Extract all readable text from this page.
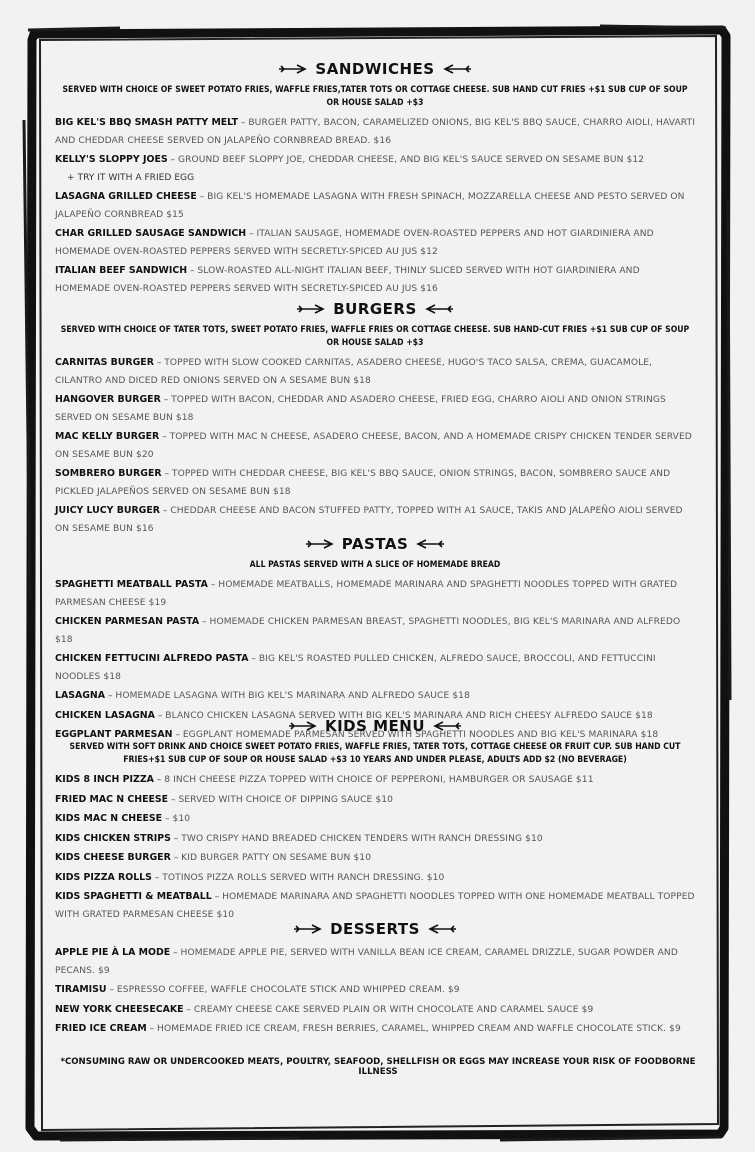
SANDWICHES
SERVED WITH CHOICE OF SWEET POTATO FRIES, WAFFLE FRIES,TATER TOTS OR COTTAGE CHEESE. SUB HAND CUT FRIES +$1 SUB CUP OF SOUP OR HOUSE SALAD +$3
BIG KEL'S BBQ SMASH PATTY MELT – BURGER PATTY, BACON, CARAMELIZED ONIONS, BIG KEL'S BBQ SAUCE, CHARRO AIOLI, HAVARTI AND CHEDDAR CHEESE SERVED ON JALAPEÑO CORNBREAD BREAD. $16
KELLY'S SLOPPY JOES – GROUND BEEF SLOPPY JOE, CHEDDAR CHEESE, AND BIG KEL'S SAUCE SERVED ON SESAME BUN $12
+ TRY IT WITH A FRIED EGG
LASAGNA GRILLED CHEESE – BIG KEL'S HOMEMADE LASAGNA WITH FRESH SPINACH, MOZZARELLA CHEESE AND PESTO SERVED ON JALAPEÑO CORNBREAD $15
CHAR GRILLED SAUSAGE SANDWICH – ITALIAN SAUSAGE, HOMEMADE OVEN-ROASTED PEPPERS AND HOT GIARDINIERA AND HOMEMADE OVEN-ROASTED PEPPERS SERVED WITH SECRETLY-SPICED AU JUS $12
ITALIAN BEEF SANDWICH – SLOW-ROASTED ALL-NIGHT ITALIAN BEEF, THINLY SLICED SERVED WITH HOT GIARDINIERA AND HOMEMADE OVEN-ROASTED PEPPERS SERVED WITH SECRETLY-SPICED AU JUS $16
BURGERS
SERVED WITH CHOICE OF TATER TOTS, SWEET POTATO FRIES, WAFFLE FRIES OR COTTAGE CHEESE. SUB HAND-CUT FRIES +$1 SUB CUP OF SOUP OR HOUSE SALAD +$3
CARNITAS BURGER – TOPPED WITH SLOW COOKED CARNITAS, ASADERO CHEESE, HUGO'S TACO SALSA, CREMA, GUACAMOLE, CILANTRO AND DICED RED ONIONS SERVED ON A SESAME BUN $18
HANGOVER BURGER – TOPPED WITH BACON, CHEDDAR AND ASADERO CHEESE, FRIED EGG, CHARRO AIOLI AND ONION STRINGS SERVED ON SESAME BUN $18
MAC KELLY BURGER – TOPPED WITH MAC N CHEESE, ASADERO CHEESE, BACON, AND A HOMEMADE CRISPY CHICKEN TENDER SERVED ON SESAME BUN $20
SOMBRERO BURGER – TOPPED WITH CHEDDAR CHEESE, BIG KEL'S BBQ SAUCE, ONION STRINGS, BACON, SOMBRERO SAUCE AND PICKLED JALAPEÑOS SERVED ON SESAME BUN $18
JUICY LUCY BURGER – CHEDDAR CHEESE AND BACON STUFFED PATTY, TOPPED WITH A1 SAUCE, TAKIS AND JALAPEÑO AIOLI SERVED ON SESAME BUN $16
PASTAS
ALL PASTAS SERVED WITH A SLICE OF HOMEMADE BREAD
SPAGHETTI MEATBALL PASTA – HOMEMADE MEATBALLS, HOMEMADE MARINARA AND SPAGHETTI NOODLES TOPPED WITH GRATED PARMESAN CHEESE $19
CHICKEN PARMESAN PASTA – HOMEMADE CHICKEN PARMESAN BREAST, SPAGHETTI NOODLES, BIG KEL'S MARINARA AND ALFREDO $18
CHICKEN FETTUCINI ALFREDO PASTA – BIG KEL'S ROASTED PULLED CHICKEN, ALFREDO SAUCE, BROCCOLI, AND FETTUCCINI NOODLES $18
LASAGNA – HOMEMADE LASAGNA WITH BIG KEL'S MARINARA AND ALFREDO SAUCE $18
CHICKEN LASAGNA – BLANCO CHICKEN LASAGNA SERVED WITH BIG KEL'S MARINARA AND RICH CHEESY ALFREDO SAUCE $18
EGGPLANT PARMESAN – EGGPLANT HOMEMADE PARMESAN SERVED WITH SPAGHETTI NOODLES AND BIG KEL'S MARINARA $18
KIDS MENU
SERVED WITH SOFT DRINK AND CHOICE SWEET POTATO FRIES, WAFFLE FRIES, TATER TOTS, COTTAGE CHEESE OR FRUIT CUP. SUB HAND CUT FRIES+$1 SUB CUP OF SOUP OR HOUSE SALAD +$3 10 YEARS AND UNDER PLEASE, ADULTS ADD $2 (NO BEVERAGE)
KIDS 8 INCH PIZZA – 8 INCH CHEESE PIZZA TOPPED WITH CHOICE OF PEPPERONI, HAMBURGER OR SAUSAGE $11
FRIED MAC N CHEESE – SERVED WITH CHOICE OF DIPPING SAUCE $10
KIDS MAC N CHEESE – $10
KIDS CHICKEN STRIPS – TWO CRISPY HAND BREADED CHICKEN TENDERS WITH RANCH DRESSING $10
KIDS CHEESE BURGER – KID BURGER PATTY ON SESAME BUN $10
KIDS PIZZA ROLLS – TOTINOS PIZZA ROLLS SERVED WITH RANCH DRESSING. $10
KIDS SPAGHETTI & MEATBALL – HOMEMADE MARINARA AND SPAGHETTI NOODLES TOPPED WITH ONE HOMEMADE MEATBALL TOPPED WITH GRATED PARMESAN CHEESE $10
DESSERTS
APPLE PIE À LA MODE – HOMEMADE APPLE PIE, SERVED WITH VANILLA BEAN ICE CREAM, CARAMEL DRIZZLE, SUGAR POWDER AND PECANS. $9
TIRAMISU – ESPRESSO COFFEE, WAFFLE CHOCOLATE STICK AND WHIPPED CREAM. $9
NEW YORK CHEESECAKE – CREAMY CHEESE CAKE SERVED PLAIN OR WITH CHOCOLATE AND CARAMEL SAUCE $9
FRIED ICE CREAM – HOMEMADE FRIED ICE CREAM, FRESH BERRIES, CARAMEL, WHIPPED CREAM AND WAFFLE CHOCOLATE STICK. $9
*CONSUMING RAW OR UNDERCOOKED MEATS, POULTRY, SEAFOOD, SHELLFISH OR EGGS MAY INCREASE YOUR RISK OF FOODBORNE ILLNESS
